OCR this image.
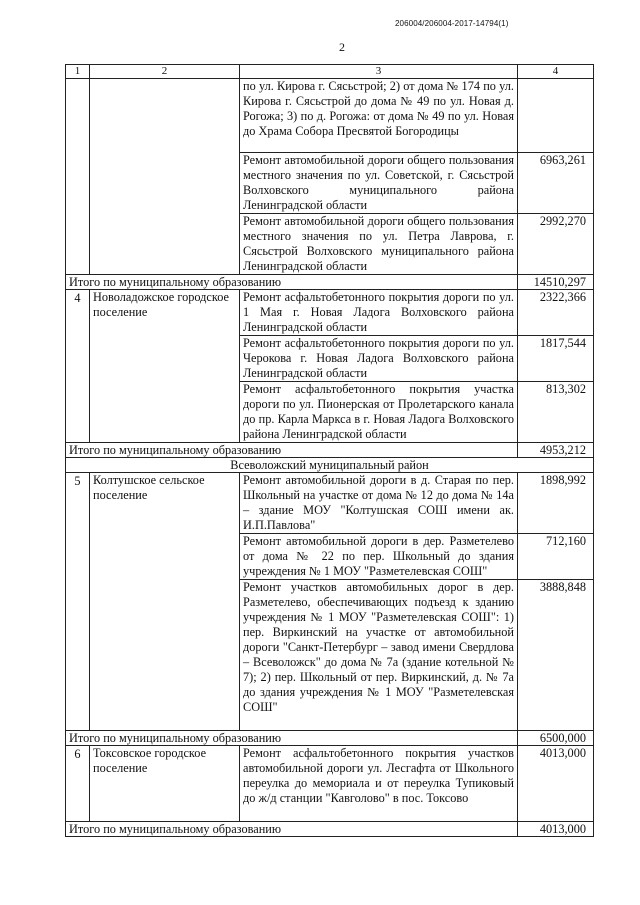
206004/206004-2017-14794(1)
2
1	2	3	4
		по ул. Кирова г. Сясьстрой; 2) от дома № 174 по ул. Кирова г. Сясьстрой до дома № 49 по ул. Новая д. Рогожа; 3) по д. Рогожа: от дома № 49 по ул. Новая до Храма Собора Пресвятой Богородицы	
		Ремонт автомобильной дороги общего пользования местного значения по ул. Советской, г. Сясьстрой Волховского муниципального района Ленинградской области	6963,261
		Ремонт автомобильной дороги общего пользования местного значения по ул. Петра Лаврова, г. Сясьстрой Волховского муниципального района Ленинградской области	2992,270
Итого по муниципальному образованию			14510,297
4	Новоладожское городское поселение	Ремонт асфальтобетонного покрытия дороги по ул. 1 Мая г. Новая Ладога Волховского района Ленинградской области	2322,366
		Ремонт асфальтобетонного покрытия дороги по ул. Черокова г. Новая Ладога Волховского района Ленинградской области	1817,544
		Ремонт асфальтобетонного покрытия участка дороги по ул. Пионерская от Пролетарского канала до пр. Карла Маркса в г. Новая Ладога Волховского района Ленинградской области	813,302
Итого по муниципальному образованию			4953,212
Всеволожский муниципальный район			
5	Колтушское сельское поселение	Ремонт автомобильной дороги в д. Старая по пер. Школьный на участке от дома № 12 до дома № 14а – здание МОУ "Колтушская СОШ имени ак. И.П.Павлова"	1898,992
		Ремонт автомобильной дороги в дер. Разметелево от дома № 22 по пер. Школьный до здания учреждения № 1 МОУ "Разметелевская СОШ"	712,160
		Ремонт участков автомобильных дорог в дер. Разметелево, обеспечивающих подъезд к зданию учреждения № 1 МОУ "Разметелевская СОШ": 1) пер. Виркинский на участке от автомобильной дороги "Санкт-Петербург – завод имени Свердлова – Всеволожск" до дома № 7а (здание котельной № 7); 2) пер. Школьный от пер. Виркинский, д. № 7а до здания учреждения № 1 МОУ "Разметелевская СОШ"	3888,848
Итого по муниципальному образованию			6500,000
6	Токсовское городское поселение	Ремонт асфальтобетонного покрытия участков автомобильной дороги ул. Лесгафта от Школьного переулка до мемориала и от переулка Тупиковый до ж/д станции "Кавголово" в пос. Токсово	4013,000
Итого по муниципальному образованию			4013,000
